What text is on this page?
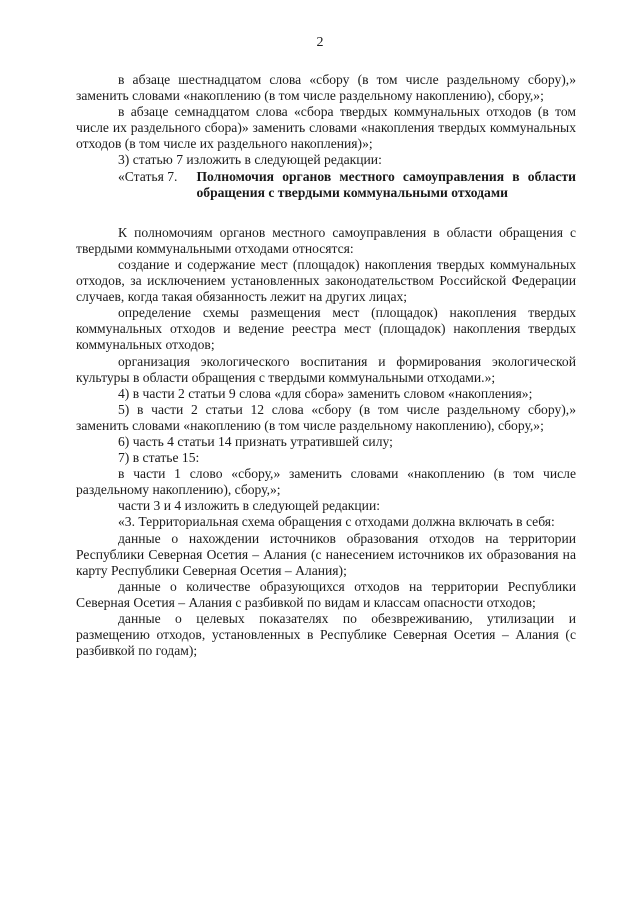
2

в абзаце шестнадцатом слова «сбору (в том числе раздельному сбору),» заменить словами «накоплению (в том числе раздельному накоплению), сбору,»;

в абзаце семнадцатом слова «сбора твердых коммунальных отходов (в том числе их раздельного сбора)» заменить словами «накопления твердых коммунальных отходов (в том числе их раздельного накопления)»;

3) статью 7 изложить в следующей редакции:

«Статья 7. Полномочия органов местного самоуправления в области обращения с твердыми коммунальными отходами

К полномочиям органов местного самоуправления в области обращения с твердыми коммунальными отходами относятся:

создание и содержание мест (площадок) накопления твердых коммунальных отходов, за исключением установленных законодательством Российской Федерации случаев, когда такая обязанность лежит на других лицах;

определение схемы размещения мест (площадок) накопления твердых коммунальных отходов и ведение реестра мест (площадок) накопления твердых коммунальных отходов;

организация экологического воспитания и формирования экологической культуры в области обращения с твердыми коммунальными отходами.»;

4) в части 2 статьи 9 слова «для сбора» заменить словом «накопления»;

5) в части 2 статьи 12 слова «сбору (в том числе раздельному сбору),» заменить словами «накоплению (в том числе раздельному накоплению), сбору,»;

6) часть 4 статьи 14 признать утратившей силу;

7) в статье 15:

в части 1 слово «сбору,» заменить словами «накоплению (в том числе раздельному накоплению), сбору,»;

части 3 и 4 изложить в следующей редакции:

«3. Территориальная схема обращения с отходами должна включать в себя:

данные о нахождении источников образования отходов на территории Республики Северная Осетия – Алания (с нанесением источников их образования на карту Республики Северная Осетия – Алания);

данные о количестве образующихся отходов на территории Республики Северная Осетия – Алания с разбивкой по видам и классам опасности отходов;

данные о целевых показателях по обезвреживанию, утилизации и размещению отходов, установленных в Республике Северная Осетия – Алания (с разбивкой по годам);
